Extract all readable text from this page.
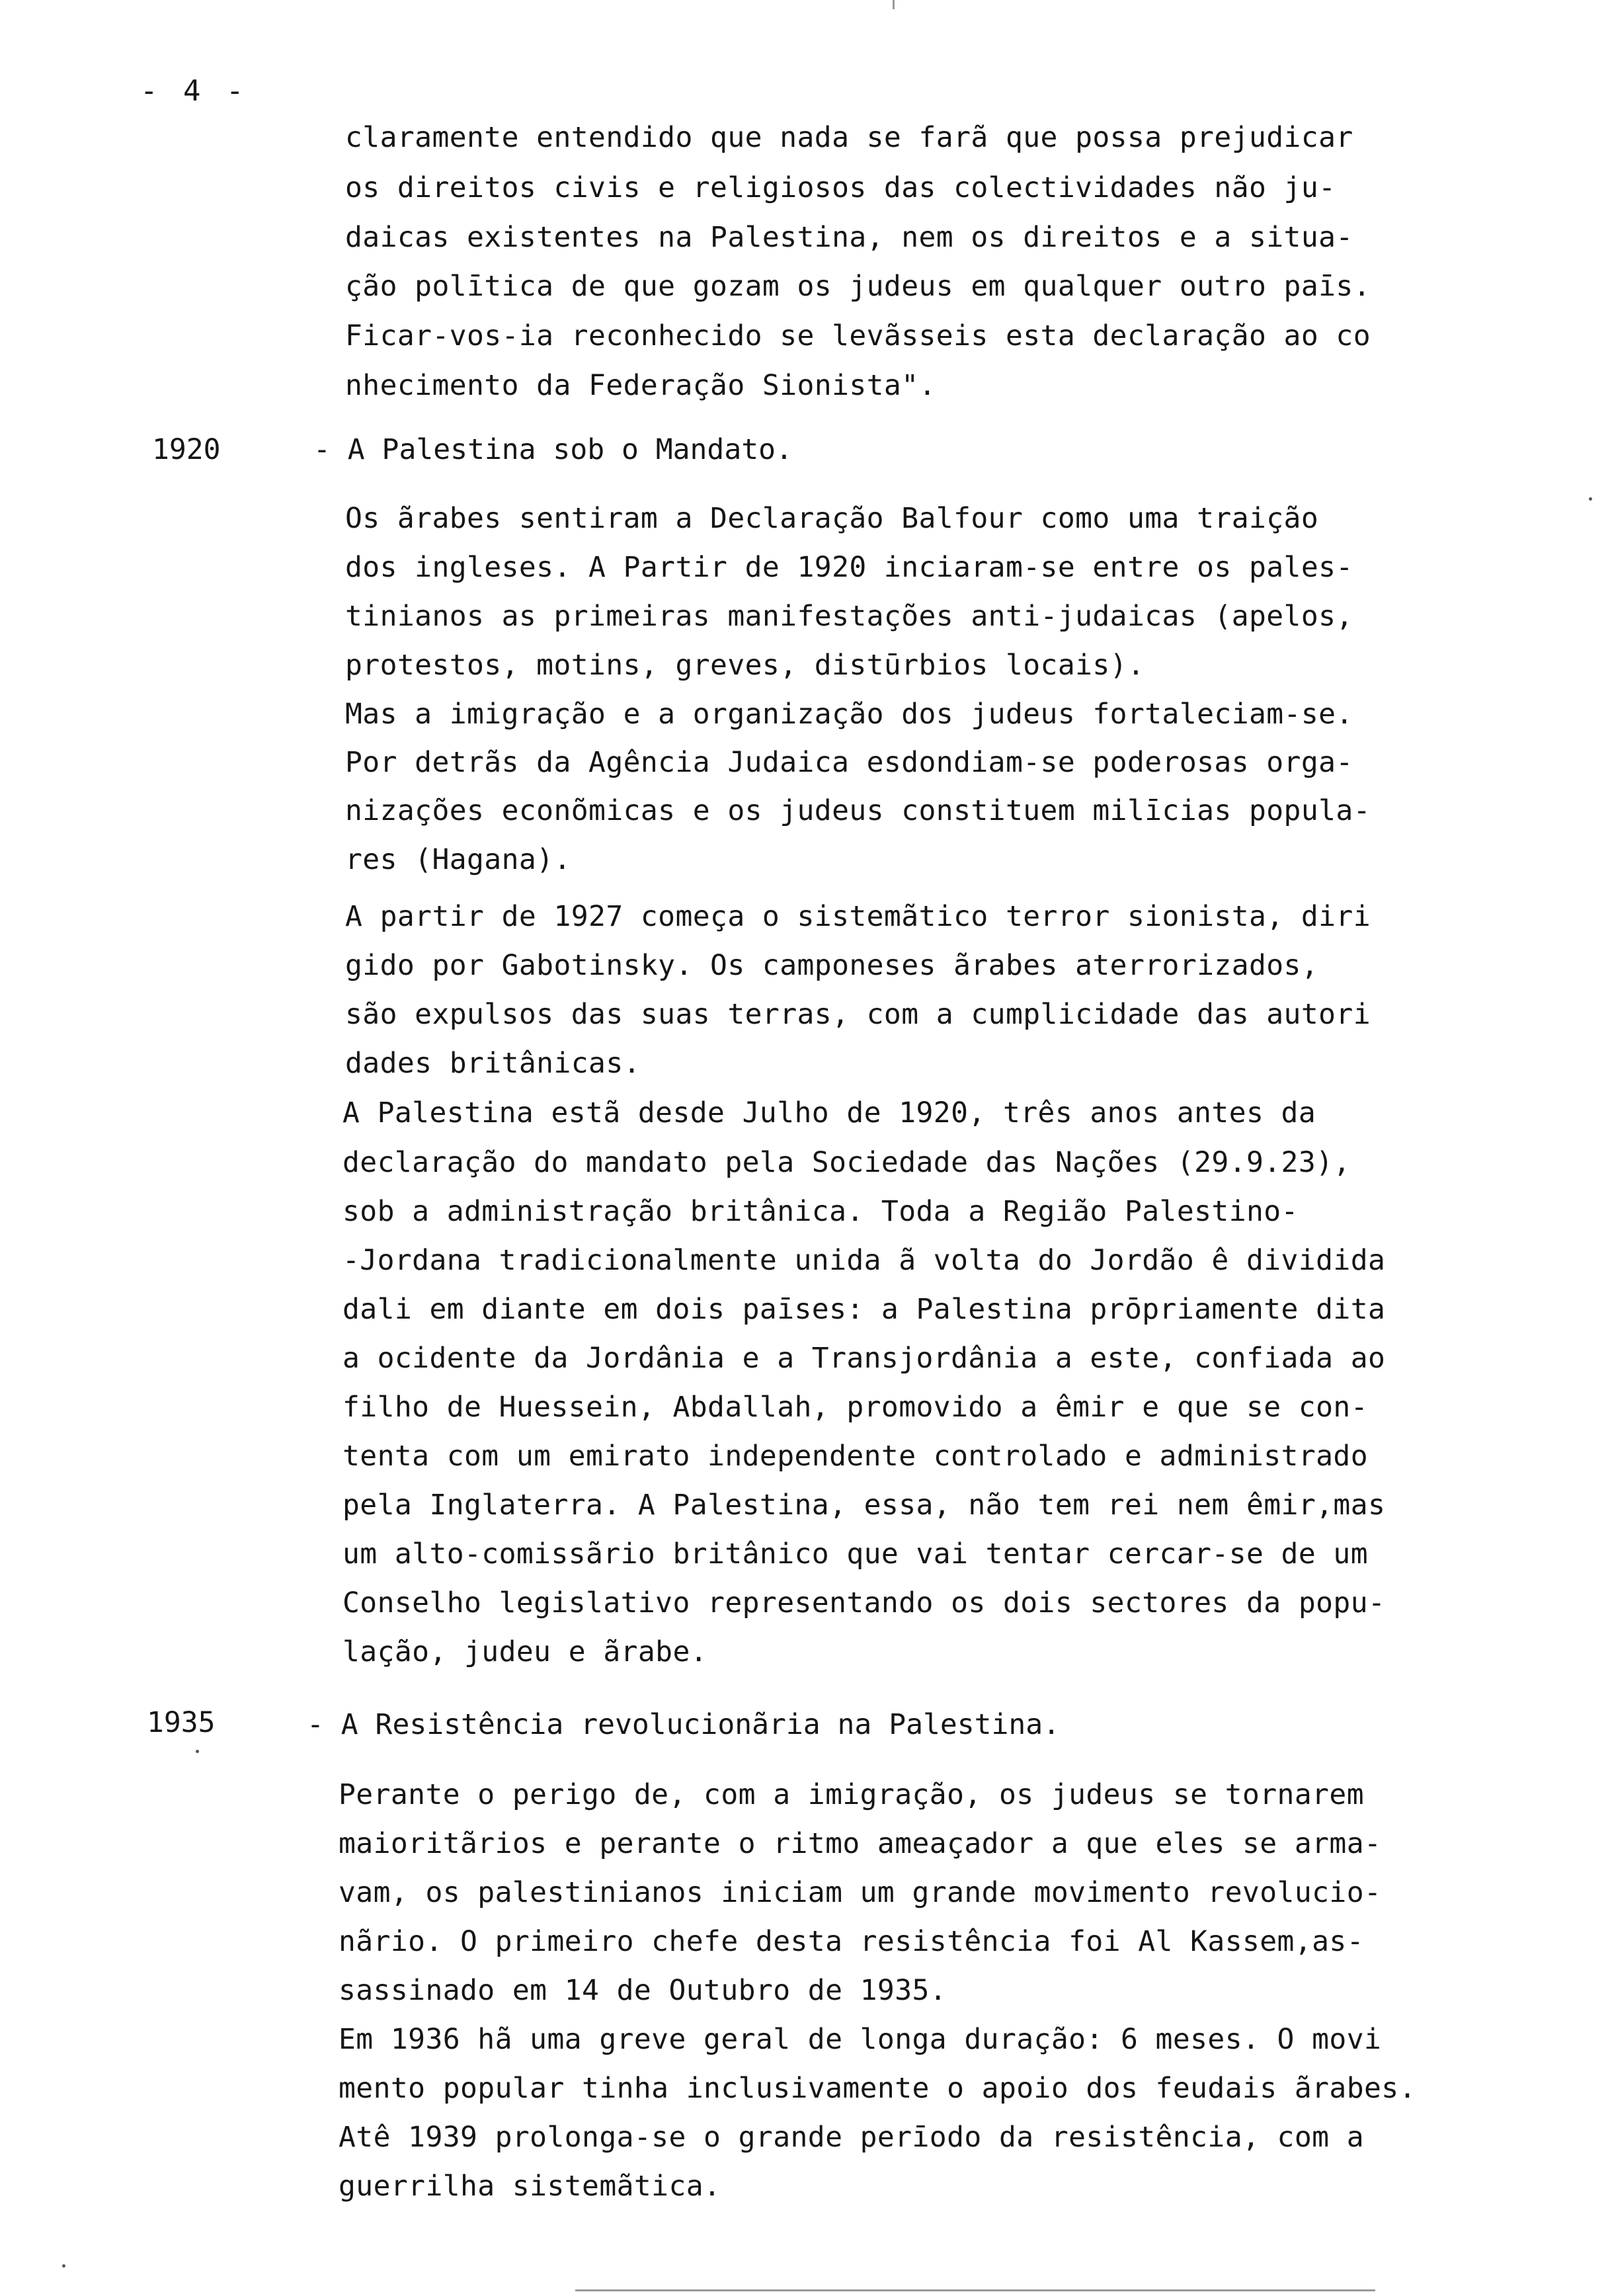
- 4 -
claramente entendido que nada se farã que possa prejudicar
os direitos civis e religiosos das colectividades não ju-
daicas existentes na Palestina, nem os direitos e a situa-
ção polītica de que gozam os judeus em qualquer outro paīs.
Ficar-vos-ia reconhecido se levãsseis esta declaração ao co
nhecimento da Federação Sionista".
1920	- A Palestina sob o Mandato.
Os ãrabes sentiram a Declaração Balfour como uma traição
dos ingleses. A Partir de 1920 inciaram-se entre os pales-
tinianos as primeiras manifestações anti-judaicas (apelos,
protestos, motins, greves, distūrbios locais).
Mas a imigração e a organização dos judeus fortaleciam-se.
Por detrãs da Agência Judaica esdondiam-se poderosas orga-
nizações econõmicas e os judeus constituem milīcias popula-
res (Hagana).
A partir de 1927 começa o sistemãtico terror sionista, diri
gido por Gabotinsky. Os camponeses ãrabes aterrorizados,
são expulsos das suas terras, com a cumplicidade das autori
dades britânicas.
A Palestina estã desde Julho de 1920, três anos antes da
declaração do mandato pela Sociedade das Nações (29.9.23),
sob a administração britânica. Toda a Região Palestino-
-Jordana tradicionalmente unida ã volta do Jordão ê dividida
dali em diante em dois paīses: a Palestina prōpriamente dita
a ocidente da Jordânia e a Transjordânia a este, confiada ao
filho de Huessein, Abdallah, promovido a êmir e que se con-
tenta com um emirato independente controlado e administrado
pela Inglaterra. A Palestina, essa, não tem rei nem êmir,mas
um alto-comissãrio britânico que vai tentar cercar-se de um
Conselho legislativo representando os dois sectores da popu-
lação, judeu e ãrabe.
1935	- A Resistência revolucionãria na Palestina.
Perante o perigo de, com a imigração, os judeus se tornarem
maioritãrios e perante o ritmo ameaçador a que eles se arma-
vam, os palestinianos iniciam um grande movimento revolucio-
nãrio. O primeiro chefe desta resistência foi Al Kassem,as-
sassinado em 14 de Outubro de 1935.
Em 1936 hã uma greve geral de longa duração: 6 meses. O movi
mento popular tinha inclusivamente o apoio dos feudais ãrabes.
Atê 1939 prolonga-se o grande perīodo da resistência, com a
guerrilha sistemãtica.
